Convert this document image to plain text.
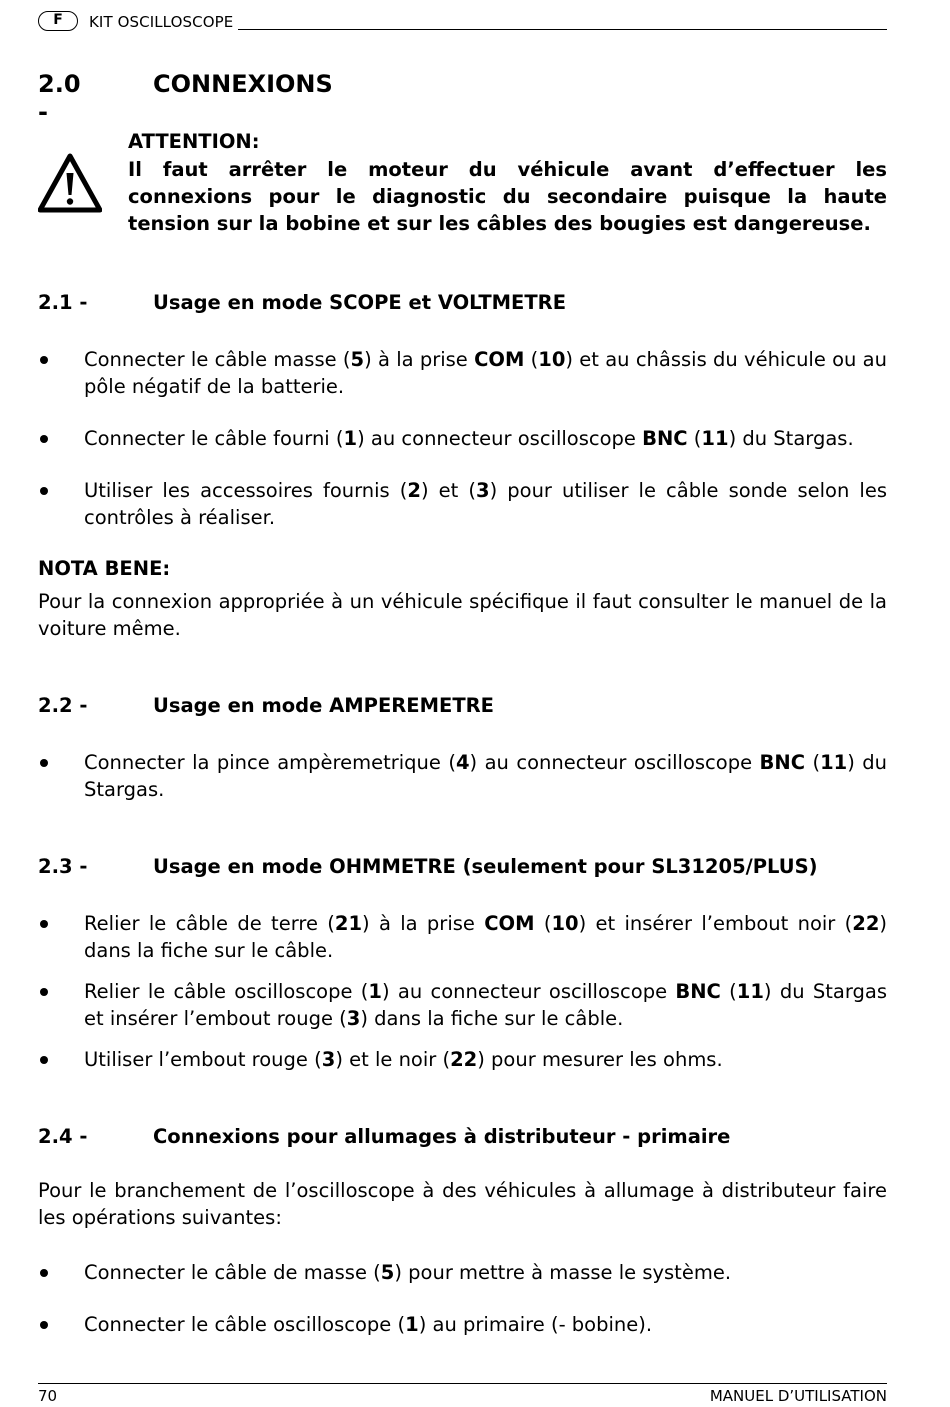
F	KIT OSCILLOSCOPE
2.0 -
CONNEXIONS
ATTENTION:
Il faut arrêter le moteur du véhicule avant d’effectuer les connexions pour le diagnostic du secondaire puisque la haute tension sur la bobine et sur les câbles des bougies est dangereuse.
2.1 -	Usage en mode SCOPE et VOLTMETRE
Connecter le câble masse (5) à la prise COM (10) et au châssis du véhicule ou au pôle négatif de la batterie.
Connecter le câble fourni (1) au connecteur oscilloscope BNC (11) du Stargas.
Utiliser les accessoires fournis (2) et (3) pour utiliser le câble sonde selon les contrôles à réaliser.
NOTA BENE:
Pour la connexion appropriée à un véhicule spécifique il faut consulter le manuel de la voiture même.
2.2 -	Usage en mode AMPEREMETRE
Connecter la pince ampèremetrique (4) au connecteur oscilloscope BNC (11) du Stargas.
2.3 -	Usage en mode OHMMETRE (seulement pour SL31205/PLUS)
Relier le câble de terre (21) à la prise COM (10) et insérer l’embout noir (22) dans la fiche sur le câble.
Relier le câble oscilloscope (1) au connecteur oscilloscope BNC (11) du Stargas et insérer l’embout rouge (3) dans la fiche sur le câble.
Utiliser l’embout rouge (3) et le noir (22) pour mesurer les ohms.
2.4 -	Connexions pour allumages à distributeur - primaire
Pour le branchement de l’oscilloscope à des véhicules à allumage à distributeur faire les opérations suivantes:
Connecter le câble de masse (5) pour mettre à masse le système.
Connecter le câble oscilloscope (1) au primaire (- bobine).
70	MANUEL D’UTILISATION
